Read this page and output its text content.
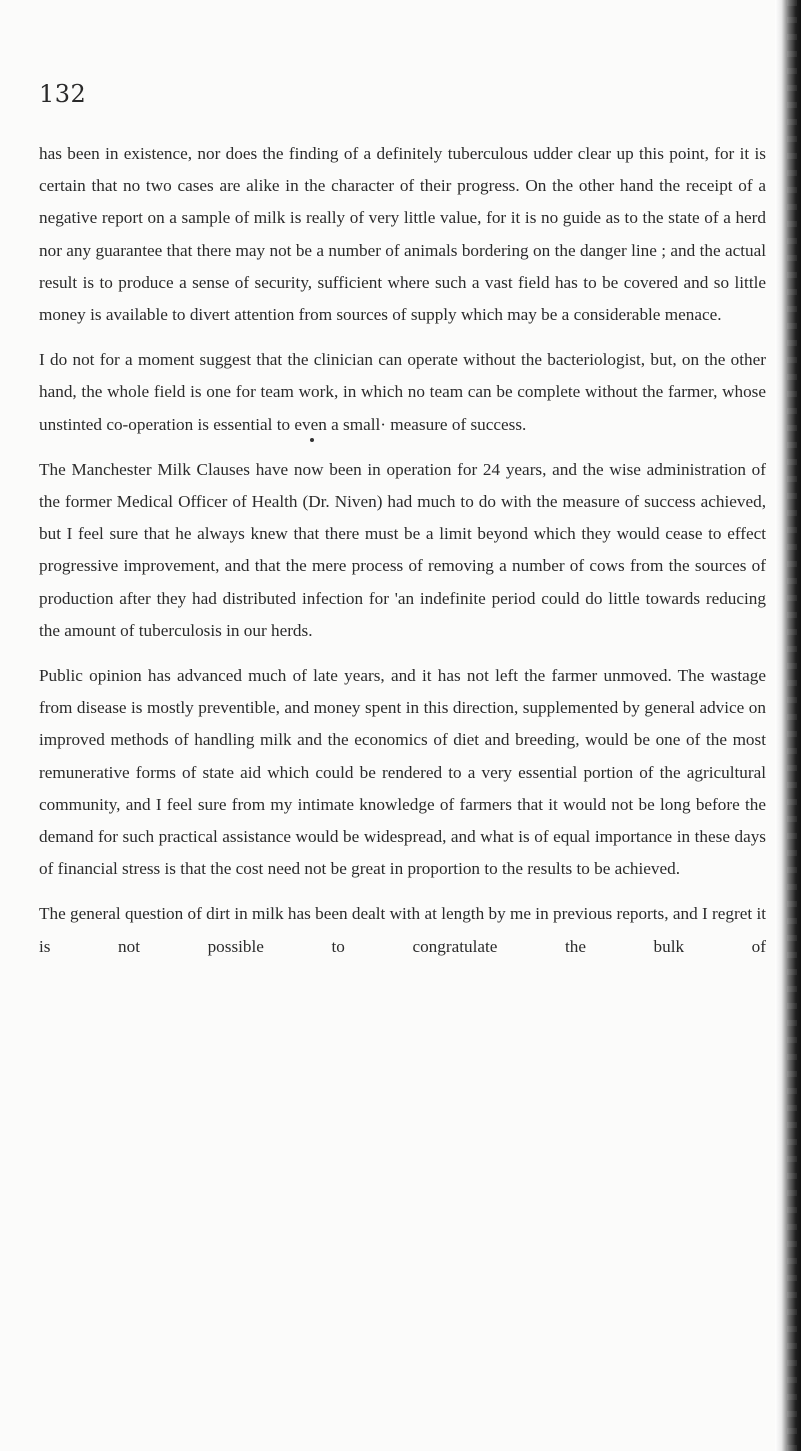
132

has been in existence, nor does the finding of a definitely tuberculous udder clear up this point, for it is certain that no two cases are alike in the character of their progress. On the other hand the receipt of a negative report on a sample of milk is really of very little value, for it is no guide as to the state of a herd nor any guarantee that there may not be a number of animals bordering on the danger line ; and the actual result is to produce a sense of security, sufficient where such a vast field has to be covered and so little money is available to divert attention from sources of supply which may be a considerable menace.

I do not for a moment suggest that the clinician can operate without the bacteriologist, but, on the other hand, the whole field is one for team work, in which no team can be complete without the farmer, whose unstinted co-operation is essential to even a small· measure of success.

The Manchester Milk Clauses have now been in operation for 24 years, and the wise administration of the former Medical Officer of Health (Dr. Niven) had much to do with the measure of success achieved, but I feel sure that he always knew that there must be a limit beyond which they would cease to effect progressive improvement, and that the mere process of removing a number of cows from the sources of production after they had distributed infection for 'an indefinite period could do little towards reducing the amount of tuberculosis in our herds.

Public opinion has advanced much of late years, and it has not left the farmer unmoved. The wastage from disease is mostly preventible, and money spent in this direction, supplemented by general advice on improved methods of handling milk and the economics of diet and breeding, would be one of the most remunerative forms of state aid which could be rendered to a very essential portion of the agricultural community, and I feel sure from my intimate knowledge of farmers that it would not be long before the demand for such practical assistance would be widespread, and what is of equal importance in these days of financial stress is that the cost need not be great in proportion to the results to be achieved.

The general question of dirt in milk has been dealt with at length by me in previous reports, and I regret it is not possible to congratulate the bulk of
